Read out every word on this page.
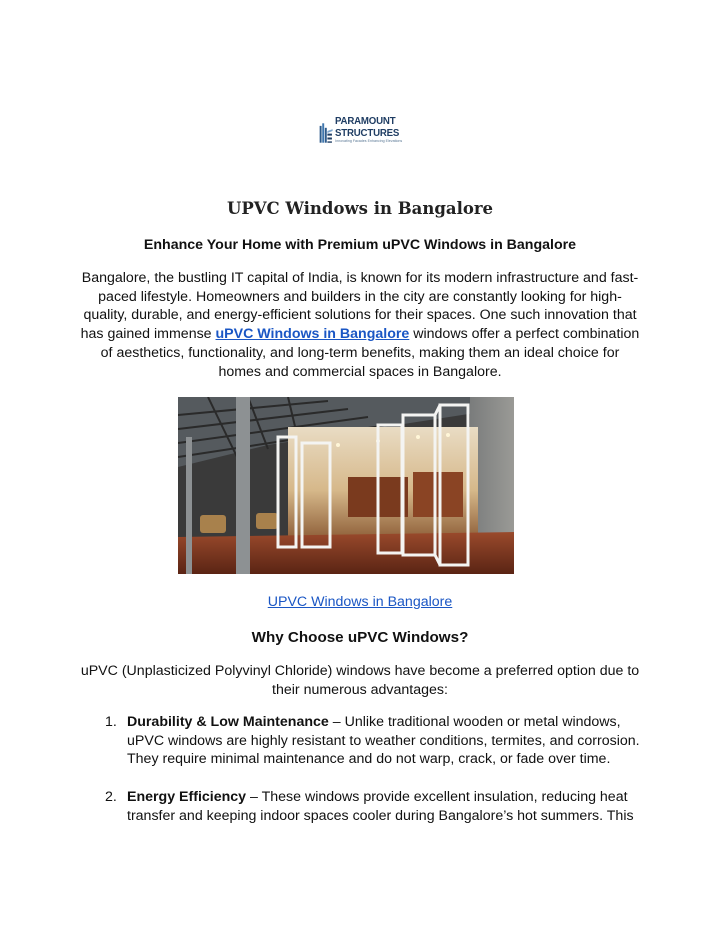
PARAMOUNT
STRUCTURES
Innovating Facades Enhancing Elevations
UPVC Windows in Bangalore
Enhance Your Home with Premium uPVC Windows in Bangalore

Bangalore, the bustling IT capital of India, is known for its modern infrastructure and fast-paced lifestyle. Homeowners and builders in the city are constantly looking for high-quality, durable, and energy-efficient solutions for their spaces. One such innovation that has gained immense uPVC Windows in Bangalore windows offer a perfect combination of aesthetics, functionality, and long-term benefits, making them an ideal choice for homes and commercial spaces in Bangalore.

UPVC Windows in Bangalore

Why Choose uPVC Windows?

uPVC (Unplasticized Polyvinyl Chloride) windows have become a preferred option due to their numerous advantages:

1. Durability & Low Maintenance – Unlike traditional wooden or metal windows, uPVC windows are highly resistant to weather conditions, termites, and corrosion. They require minimal maintenance and do not warp, crack, or fade over time.
2. Energy Efficiency – These windows provide excellent insulation, reducing heat transfer and keeping indoor spaces cooler during Bangalore’s hot summers. This
